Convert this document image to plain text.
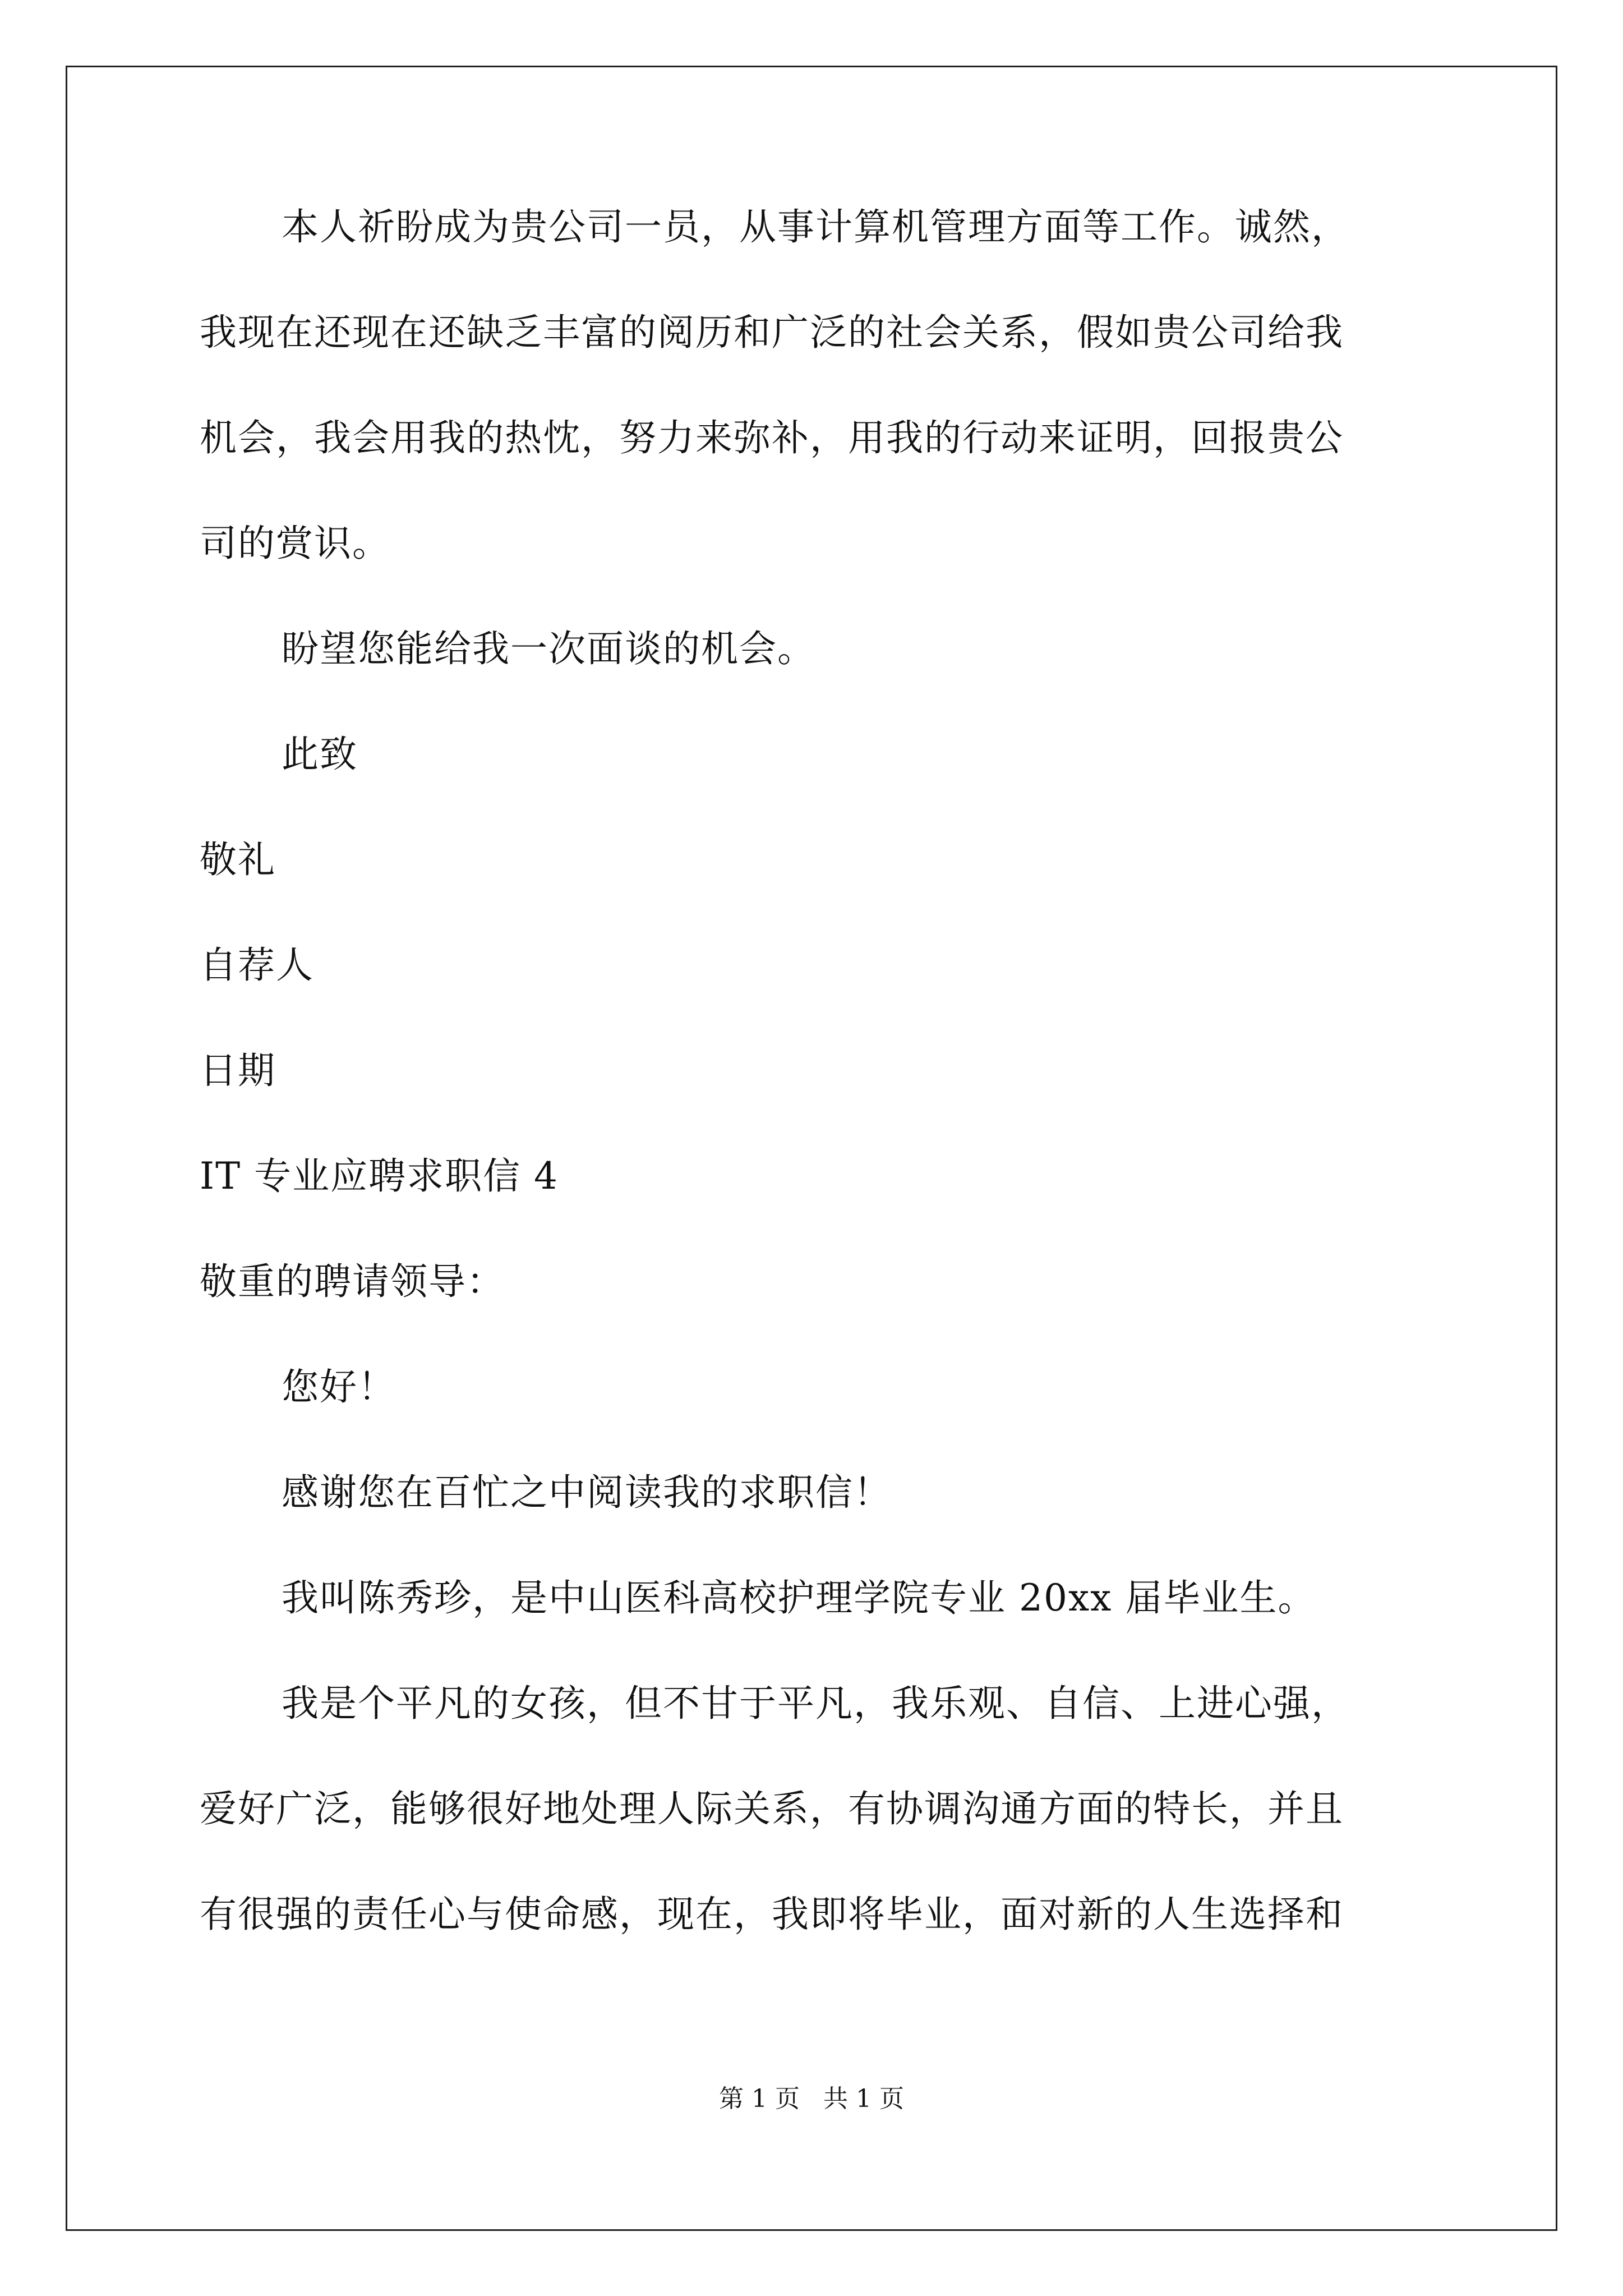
本人祈盼成为贵公司一员，从事计算机管理方面等工作。诚然，
我现在还现在还缺乏丰富的阅历和广泛的社会关系，假如贵公司给我
机会，我会用我的热忱，努力来弥补，用我的行动来证明，回报贵公
司的赏识。
盼望您能给我一次面谈的机会。
此致
敬礼
自荐人
日期
IT 专业应聘求职信 4
敬重的聘请领导：
您好！
感谢您在百忙之中阅读我的求职信！
我叫陈秀珍，是中山医科高校护理学院专业 20xx 届毕业生。
我是个平凡的女孩，但不甘于平凡，我乐观、自信、上进心强，
爱好广泛，能够很好地处理人际关系，有协调沟通方面的特长，并且
有很强的责任心与使命感，现在，我即将毕业，面对新的人生选择和
第 1 页   共 1 页
